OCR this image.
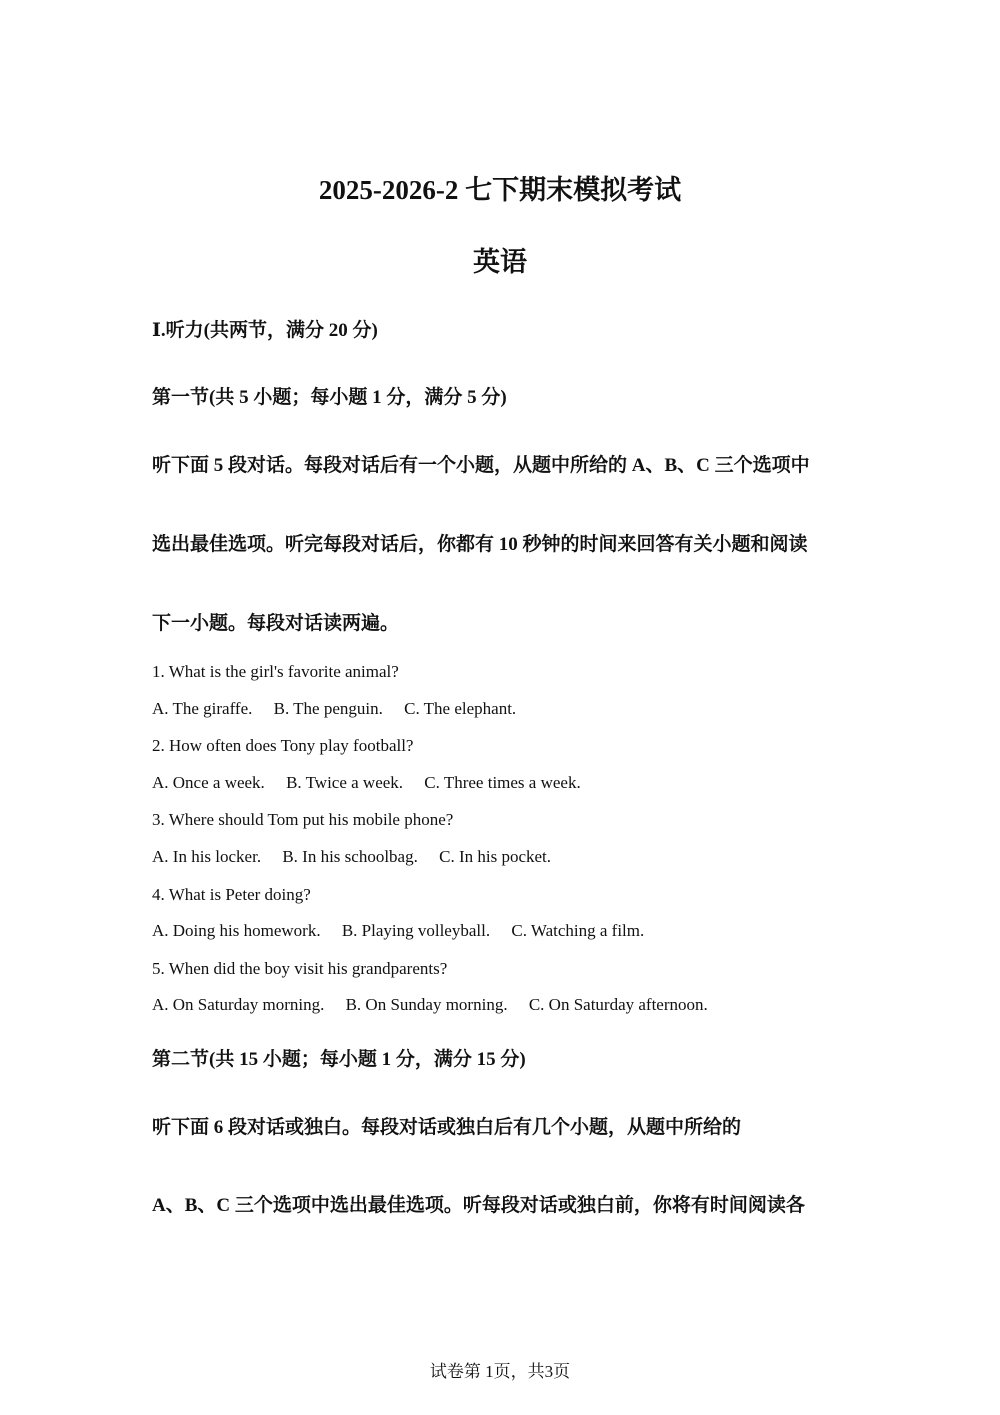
2025-2026-2 七下期末模拟考试
英语
Ⅰ.听力(共两节，满分 20 分)
第一节(共 5 小题；每小题 1 分，满分 5 分)
听下面 5 段对话。每段对话后有一个小题，从题中所给的 A、B、C 三个选项中
选出最佳选项。听完每段对话后，你都有 10 秒钟的时间来回答有关小题和阅读
下一小题。每段对话读两遍。
1. What is the girl's favorite animal?
A. The giraffe. B. The penguin. C. The elephant.
2. How often does Tony play football?
A. Once a week. B. Twice a week. C. Three times a week.
3. Where should Tom put his mobile phone?
A. In his locker. B. In his schoolbag. C. In his pocket.
4. What is Peter doing?
A. Doing his homework. B. Playing volleyball. C. Watching a film.
5. When did the boy visit his grandparents?
A. On Saturday morning. B. On Sunday morning. C. On Saturday afternoon.
第二节(共 15 小题；每小题 1 分，满分 15 分)
听下面 6 段对话或独白。每段对话或独白后有几个小题，从题中所给的
A、B、C 三个选项中选出最佳选项。听每段对话或独白前，你将有时间阅读各
试卷第 1页，共3页
